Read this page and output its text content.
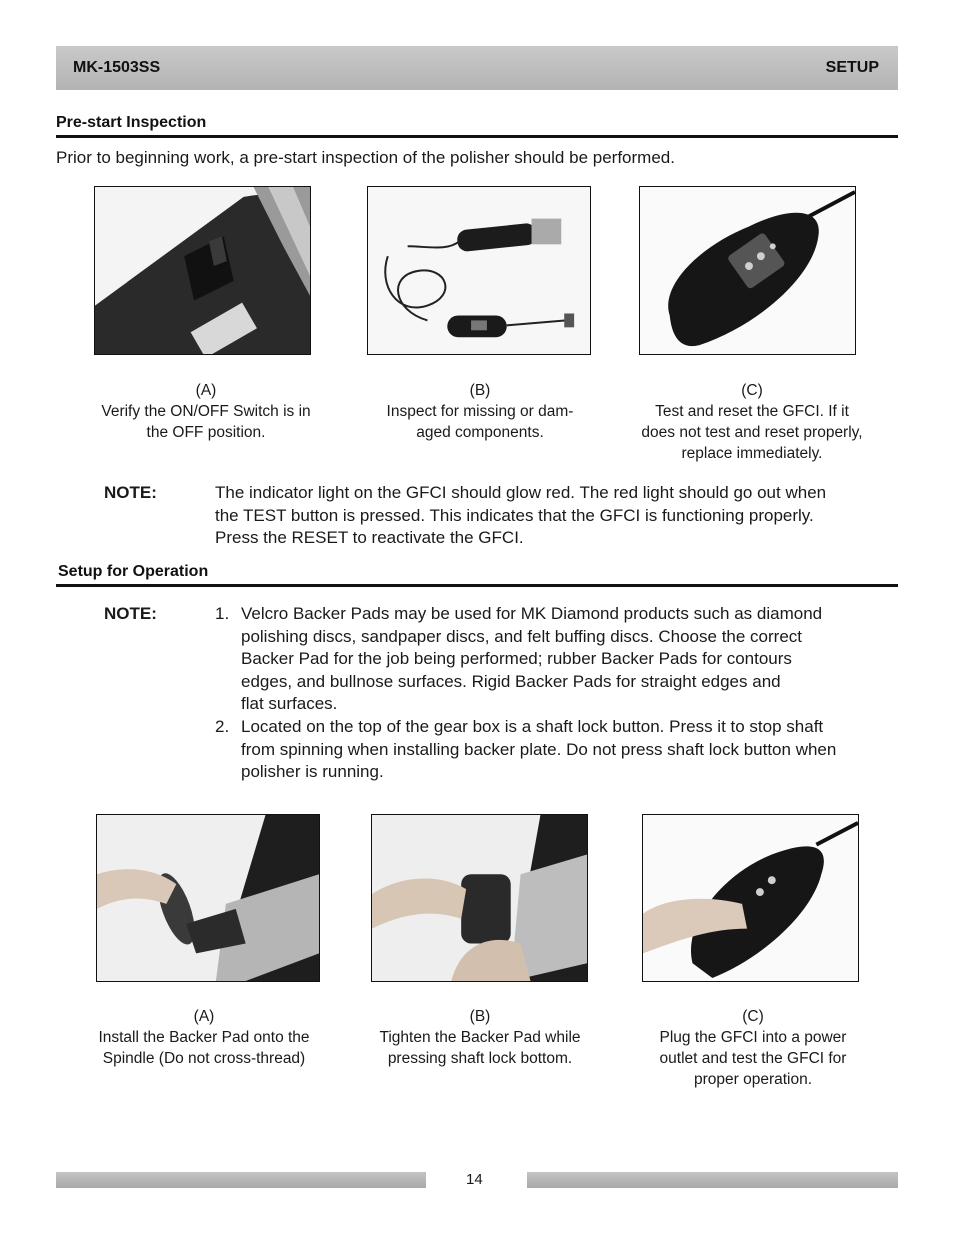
MK-1503SS	SETUP
Pre-start Inspection
Prior to beginning work, a pre-start inspection of the polisher should be performed.
(A)
Verify the ON/OFF Switch is in
the OFF position.
(B)
Inspect for missing or dam-
aged components.
(C)
Test and reset the GFCI. If it
does not test and reset properly,
replace immediately.
NOTE:	The indicator light on the GFCI should glow red. The red light should go out when
the TEST button is pressed. This indicates that the GFCI is functioning properly.
Press the RESET to reactivate the GFCI.
Setup for Operation
NOTE:	1. Velcro Backer Pads may be used for MK Diamond products such as diamond
polishing discs, sandpaper discs, and felt buffing discs. Choose the correct
Backer Pad for the job being performed; rubber Backer Pads for contours
edges, and bullnose surfaces. Rigid Backer Pads for straight edges and
flat surfaces.
2. Located on the top of the gear box is a shaft lock button. Press it to stop shaft
from spinning when installing backer plate. Do not press shaft lock button when
polisher is running.
(A)
Install the Backer Pad onto the
Spindle (Do not cross-thread)
(B)
Tighten the Backer Pad while
pressing shaft lock bottom.
(C)
Plug the GFCI into a power
outlet and test the GFCI for
proper operation.
14
